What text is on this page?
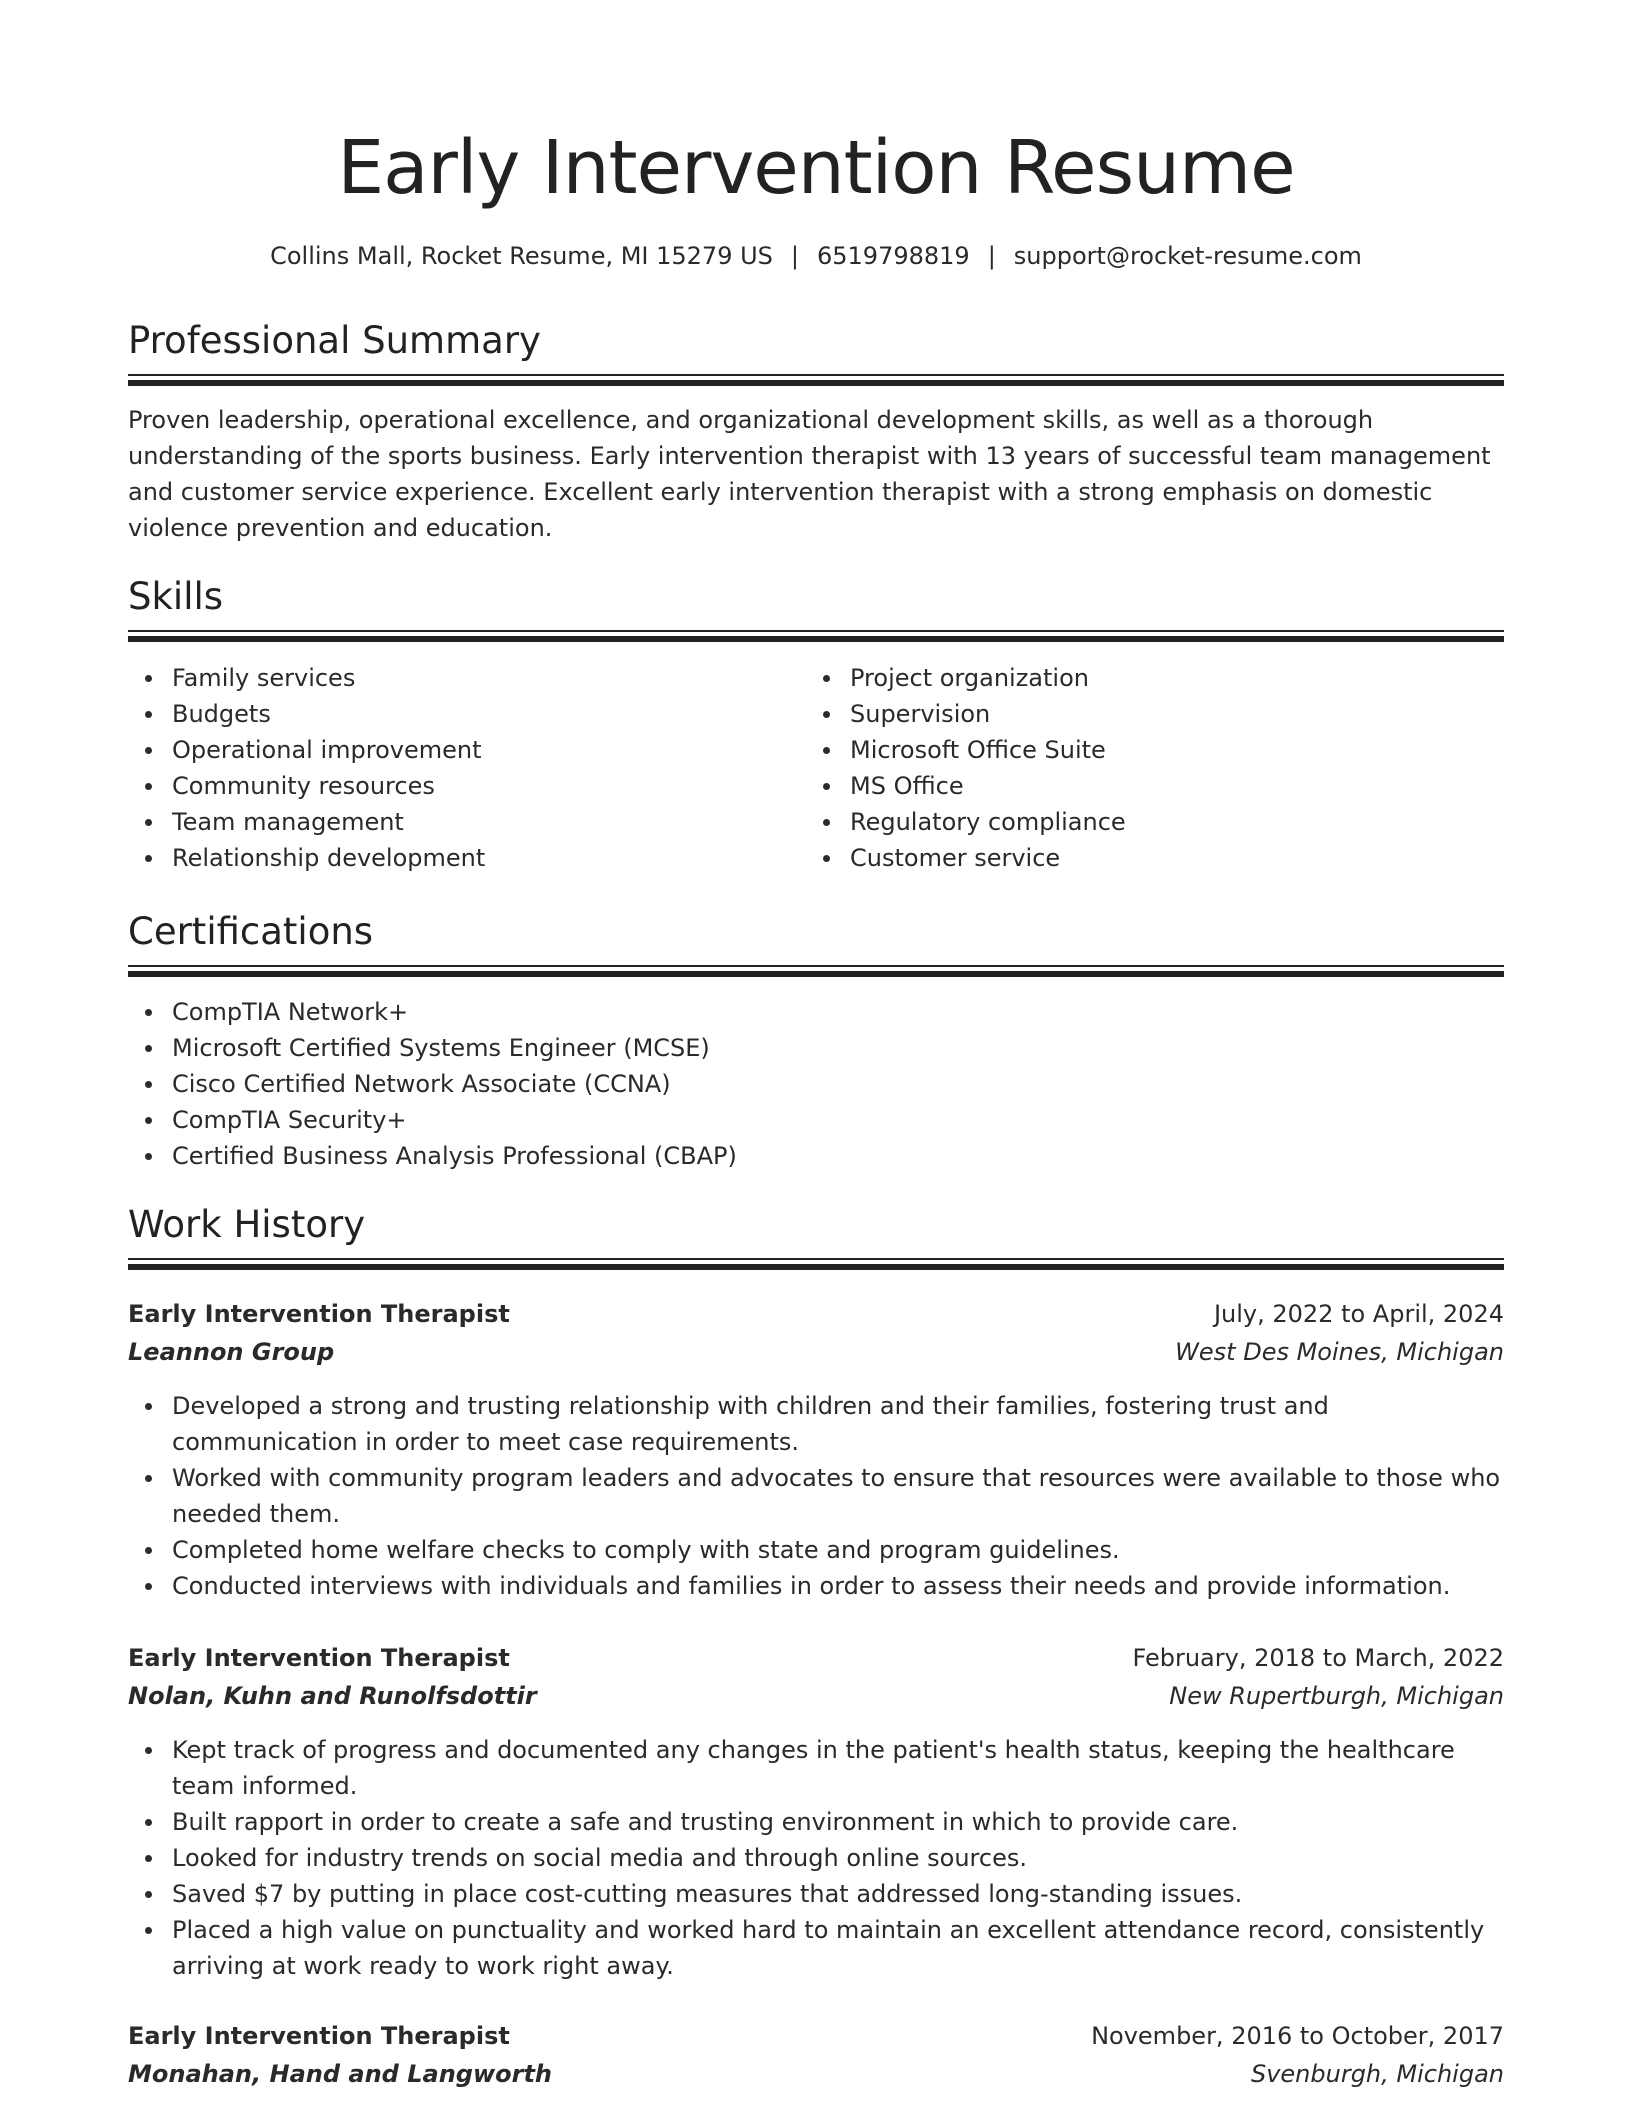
Early Intervention Resume
Collins Mall, Rocket Resume, MI 15279 US | 6519798819 | support@rocket-resume.com
Professional Summary
Proven leadership, operational excellence, and organizational development skills, as well as a thorough understanding of the sports business. Early intervention therapist with 13 years of successful team management and customer service experience. Excellent early intervention therapist with a strong emphasis on domestic violence prevention and education.
Skills
Family services
Budgets
Operational improvement
Community resources
Team management
Relationship development
Project organization
Supervision
Microsoft Office Suite
MS Office
Regulatory compliance
Customer service
Certifications
CompTIA Network+
Microsoft Certified Systems Engineer (MCSE)
Cisco Certified Network Associate (CCNA)
CompTIA Security+
Certified Business Analysis Professional (CBAP)
Work History
Early Intervention Therapist	July, 2022 to April, 2024
Leannon Group	West Des Moines, Michigan
Developed a strong and trusting relationship with children and their families, fostering trust and communication in order to meet case requirements.
Worked with community program leaders and advocates to ensure that resources were available to those who needed them.
Completed home welfare checks to comply with state and program guidelines.
Conducted interviews with individuals and families in order to assess their needs and provide information.
Early Intervention Therapist	February, 2018 to March, 2022
Nolan, Kuhn and Runolfsdottir	New Rupertburgh, Michigan
Kept track of progress and documented any changes in the patient's health status, keeping the healthcare team informed.
Built rapport in order to create a safe and trusting environment in which to provide care.
Looked for industry trends on social media and through online sources.
Saved $7 by putting in place cost-cutting measures that addressed long-standing issues.
Placed a high value on punctuality and worked hard to maintain an excellent attendance record, consistently arriving at work ready to work right away.
Early Intervention Therapist	November, 2016 to October, 2017
Monahan, Hand and Langworth	Svenburgh, Michigan
